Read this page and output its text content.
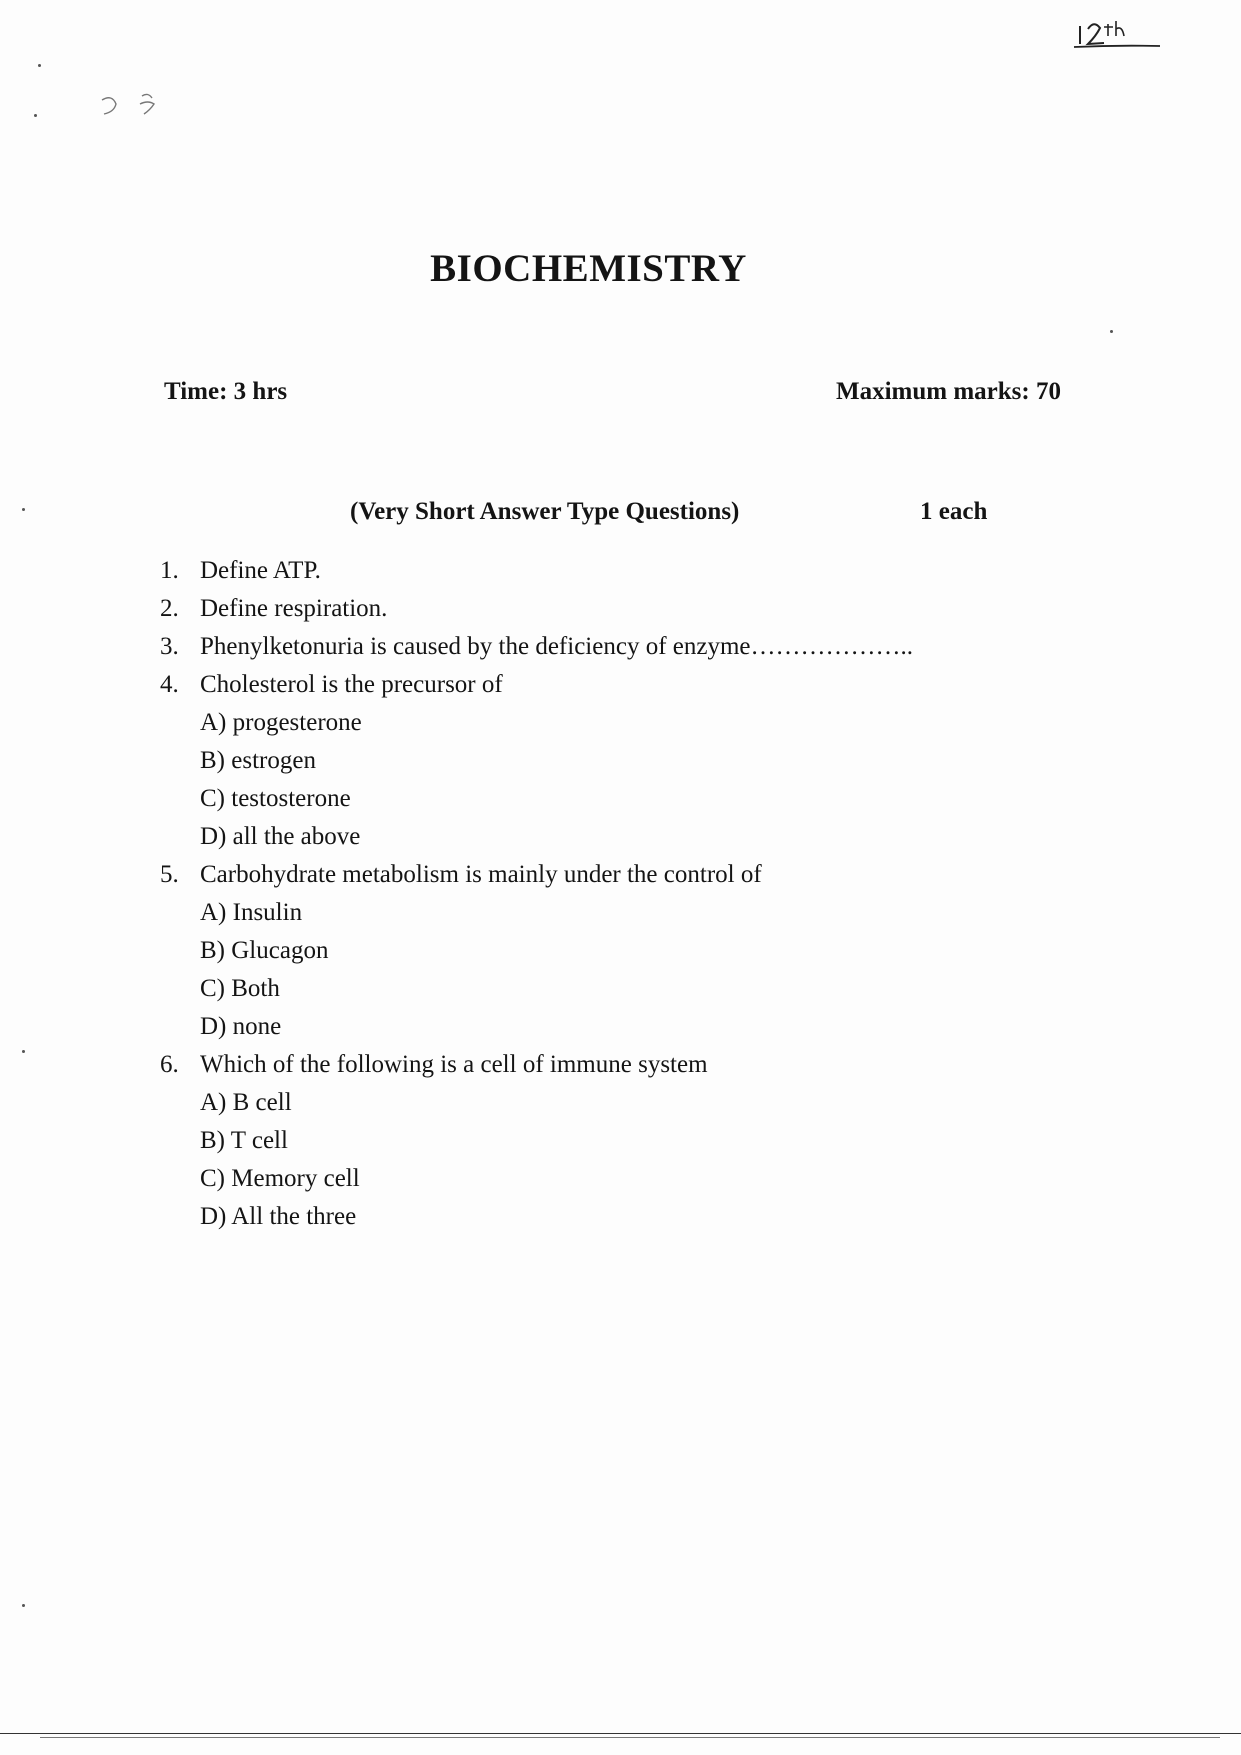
BIOCHEMISTRY
Time: 3 hrs	Maximum marks: 70
(Very Short Answer Type Questions)	1 each
1. Define ATP.
2. Define respiration.
3. Phenylketonuria is caused by the deficiency of enzyme………………..
4. Cholesterol is the precursor of
A) progesterone
B) estrogen
C) testosterone
D) all the above
5. Carbohydrate metabolism is mainly under the control of
A) Insulin
B) Glucagon
C) Both
D) none
6. Which of the following is a cell of immune system
A) B cell
B) T cell
C) Memory cell
D) All the three
